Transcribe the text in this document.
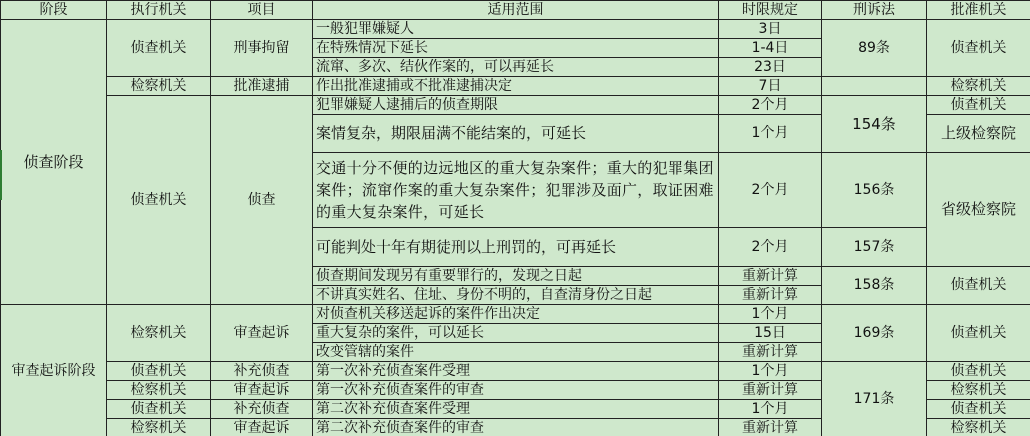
阶段	执行机关	项目	适用范围	时限规定	刑诉法	批准机关
侦查阶段	侦查机关	刑事拘留	一般犯罪嫌疑人	3日	89条	侦查机关
			在特殊情况下延长	1-4日		
			流窜、多次、结伙作案的，可以再延长	23日		
	检察机关	批准逮捕	作出批准逮捕或不批准逮捕决定	7日		检察机关
	侦查机关	侦查	犯罪嫌疑人逮捕后的侦查期限	2个月	154条	侦查机关
			案情复杂，期限届满不能结案的，可延长	1个月		上级检察院
			交通十分不便的边远地区的重大复杂案件；重大的犯罪集团案件；流窜作案的重大复杂案件；犯罪涉及面广，取证困难的重大复杂案件，可延长	2个月	156条	省级检察院
			可能判处十年有期徒刑以上刑罚的，可再延长	2个月	157条	
			侦查期间发现另有重要罪行的，发现之日起	重新计算	158条	侦查机关
			不讲真实姓名、住址、身份不明的，自查清身份之日起	重新计算		
审查起诉阶段	检察机关	审查起诉	对侦查机关移送起诉的案件作出决定	1个月	169条	侦查机关
			重大复杂的案件，可以延长	15日		
			改变管辖的案件	重新计算		
	侦查机关	补充侦查	第一次补充侦查案件受理	1个月	171条	侦查机关
	检察机关	审查起诉	第一次补充侦查案件的审查	重新计算		检察机关
	侦查机关	补充侦查	第二次补充侦查案件受理	1个月		侦查机关
	检察机关	审查起诉	第二次补充侦查案件的审查	重新计算		检察机关
